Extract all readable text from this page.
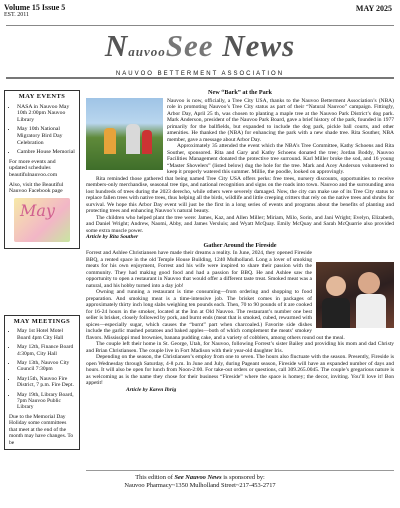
Volume 15 Issue 5
EST. 2011
MAY 2025
NauvooSee News
NAUVOO BETTERMENT ASSOCIATION
MAY EVENTS
• NASA in Nauvoo May 10th 2:00pm Nauvoo Library
• May 10th National Migratory Bird Day Celebration
• Cambre House Memorial

For more events and updated schedules beautifulnauvoo.com

Also, visit the Beautiful Nauvoo Facebook page

May
MAY MEETINGS
• May 1st Hotel Motel Board 4pm City Hall
• May 12th, Finance Board 4:30pm, City Hall
• May 13th, Nauvoo City Council 7:30pm
• May15th, Nauvoo Fire District, 7 p.m. Fire Dept.
• May 19th, Library Board, 7pm Nauvoo Public Library
Due to the Memorial Day Holiday some committees that meet at the end of the month may have changes. To be
New “Bark” at the Park

Nauvoo is now, officially, a Tree City USA, thanks to the Nauvoo Betterment Association’s (NBA) role in promoting Nauvoo’s Tree City status as part of their “Natural Nauvoo” campaign. Fittingly, Arbor Day, April 25 th, was chosen to planting a maple tree at the Nauvoo Park District’s dog park. Mark Anderson, president of the Nauvoo Park Board, gave a brief history of the park, founded in 1977 primarily for the ballfields, but expanded to include the dog park, pickle ball courts, and other amenities. He thanked the (NBA) for enhancing the park with a new shade tree. Rita Souther, NBA member, gave a message about Arbor Day.

Approximately 35 attended the event which the NBA’s Tree Committee, Kathy Schoens and Rita Souther, sponsored. Rita and Gary and Kathy Schoens donated the tree; Jordan Boddy, Nauvoo Facilities Management donated the protective tree surround. Karl Miller broke the sod, and 16 young “Master Shovelers” (listed below) dug the hole for the tree. Mark and Acey Anderson volunteered to keep it properly watered this summer. Millie, the poodle, looked on approvingly.

Rita reminded those gathered that being named Tree City USA offers perks: free trees, nursery discounts, opportunities to receive members-only merchandise, seasonal tree tips, and national recognition and signs on the roads into town. Nauvoo and the surrounding area lost hundreds of trees during the 2023 derecho, while others were severely damaged. Now, the city can make use of its Tree City status to replace fallen trees with native trees, thus helping all the birds, wildlife and little creeping critters that rely on the native trees and shrubs for survival. We hope this Arbor Day event will just be the first in a long series of events and programs about the benefits of planting and protecting trees and enhancing Nauvoo’s natural beauty.

The children who helped plant the tree were: James, Kaz, and Allen Miller; Miriam, Milo, Sorin, and Jani Wright; Evelyn, Elizabeth, and Daniel Wright; Andrew, Naomi, Abby, and James Versluis; and Wyatt McQuay. Emily McQuay and Sarah McQuarrie also provided some extra muscle power.

Article by Rita Souther

Gather Around the Fireside

Forrest and Ashlee Christiansen have made their dreams a reality. In June, 2024, they opened Fireside BBQ, a rented space in the old Temple House Building, 1240 Mulholland. Long a lover of smoking meats for his own enjoyment, Forrest and his wife were inspired to share their passion with the community. They had making good food and had a passion for BBQ. He and Ashlee saw the opportunity to open a restaurant in Nauvoo that would offer a different taste treat. Smoked meat was a natural, and his hobby turned into a day job!

Owning and running a restaurant is time consuming—from ordering and shopping to food preparation. And smoking meat is a time-intensive job. The brisket comes in packages of approximately thirty inch long slabs weighing ten pounds each. Then, 70 to 90 pounds of it are cooked for 16-24 hours in the smoker, located at the Inn at Old Nauvoo. The restaurant’s number one best seller is brisket, closely followed by pork, and burnt ends (meat that is smoked, cubed, rewarmed with spices—especially sugar, which causes the “burnt” part when charcoaled.) Favorite side dishes include the garlic mashed potatoes and baked apples—both of which complement the meats’ smokey flavors. Mississippi mud brownies, banana pudding cake, and a variety of cobblers, among others round out the meal.

The couple left their home in St. George, Utah, for Nauvoo, following Forrest’s sister Bailey and providing his mom and dad Christy and Brian Christiansen. The couple live in Fort Madison with their year-old daughter Iris.

Depending on the season, the Christiansen’s employ from one to seven. The hours also fluctuate with the season. Presently, Fireside is open Wednesday through Saturday, 4-8 p.m. In June and July, during Pageant season, Fireside will have an expanded number of days and hours. It will also be open for lunch from Noon-2:00. For take-out orders or questions, call 309.265.0045. The couple’s gregarious nature is as welcoming as is the name they chose for their business “Fireside” where the space is homey; the decor, inviting. You’ll love it! Bon appetit!

Article by Karen Ihrig

This edition of See Nauvoo News is sponsored by:
Nauvoo Pharmacy~1350 Mulholland Street~217-453-2717
